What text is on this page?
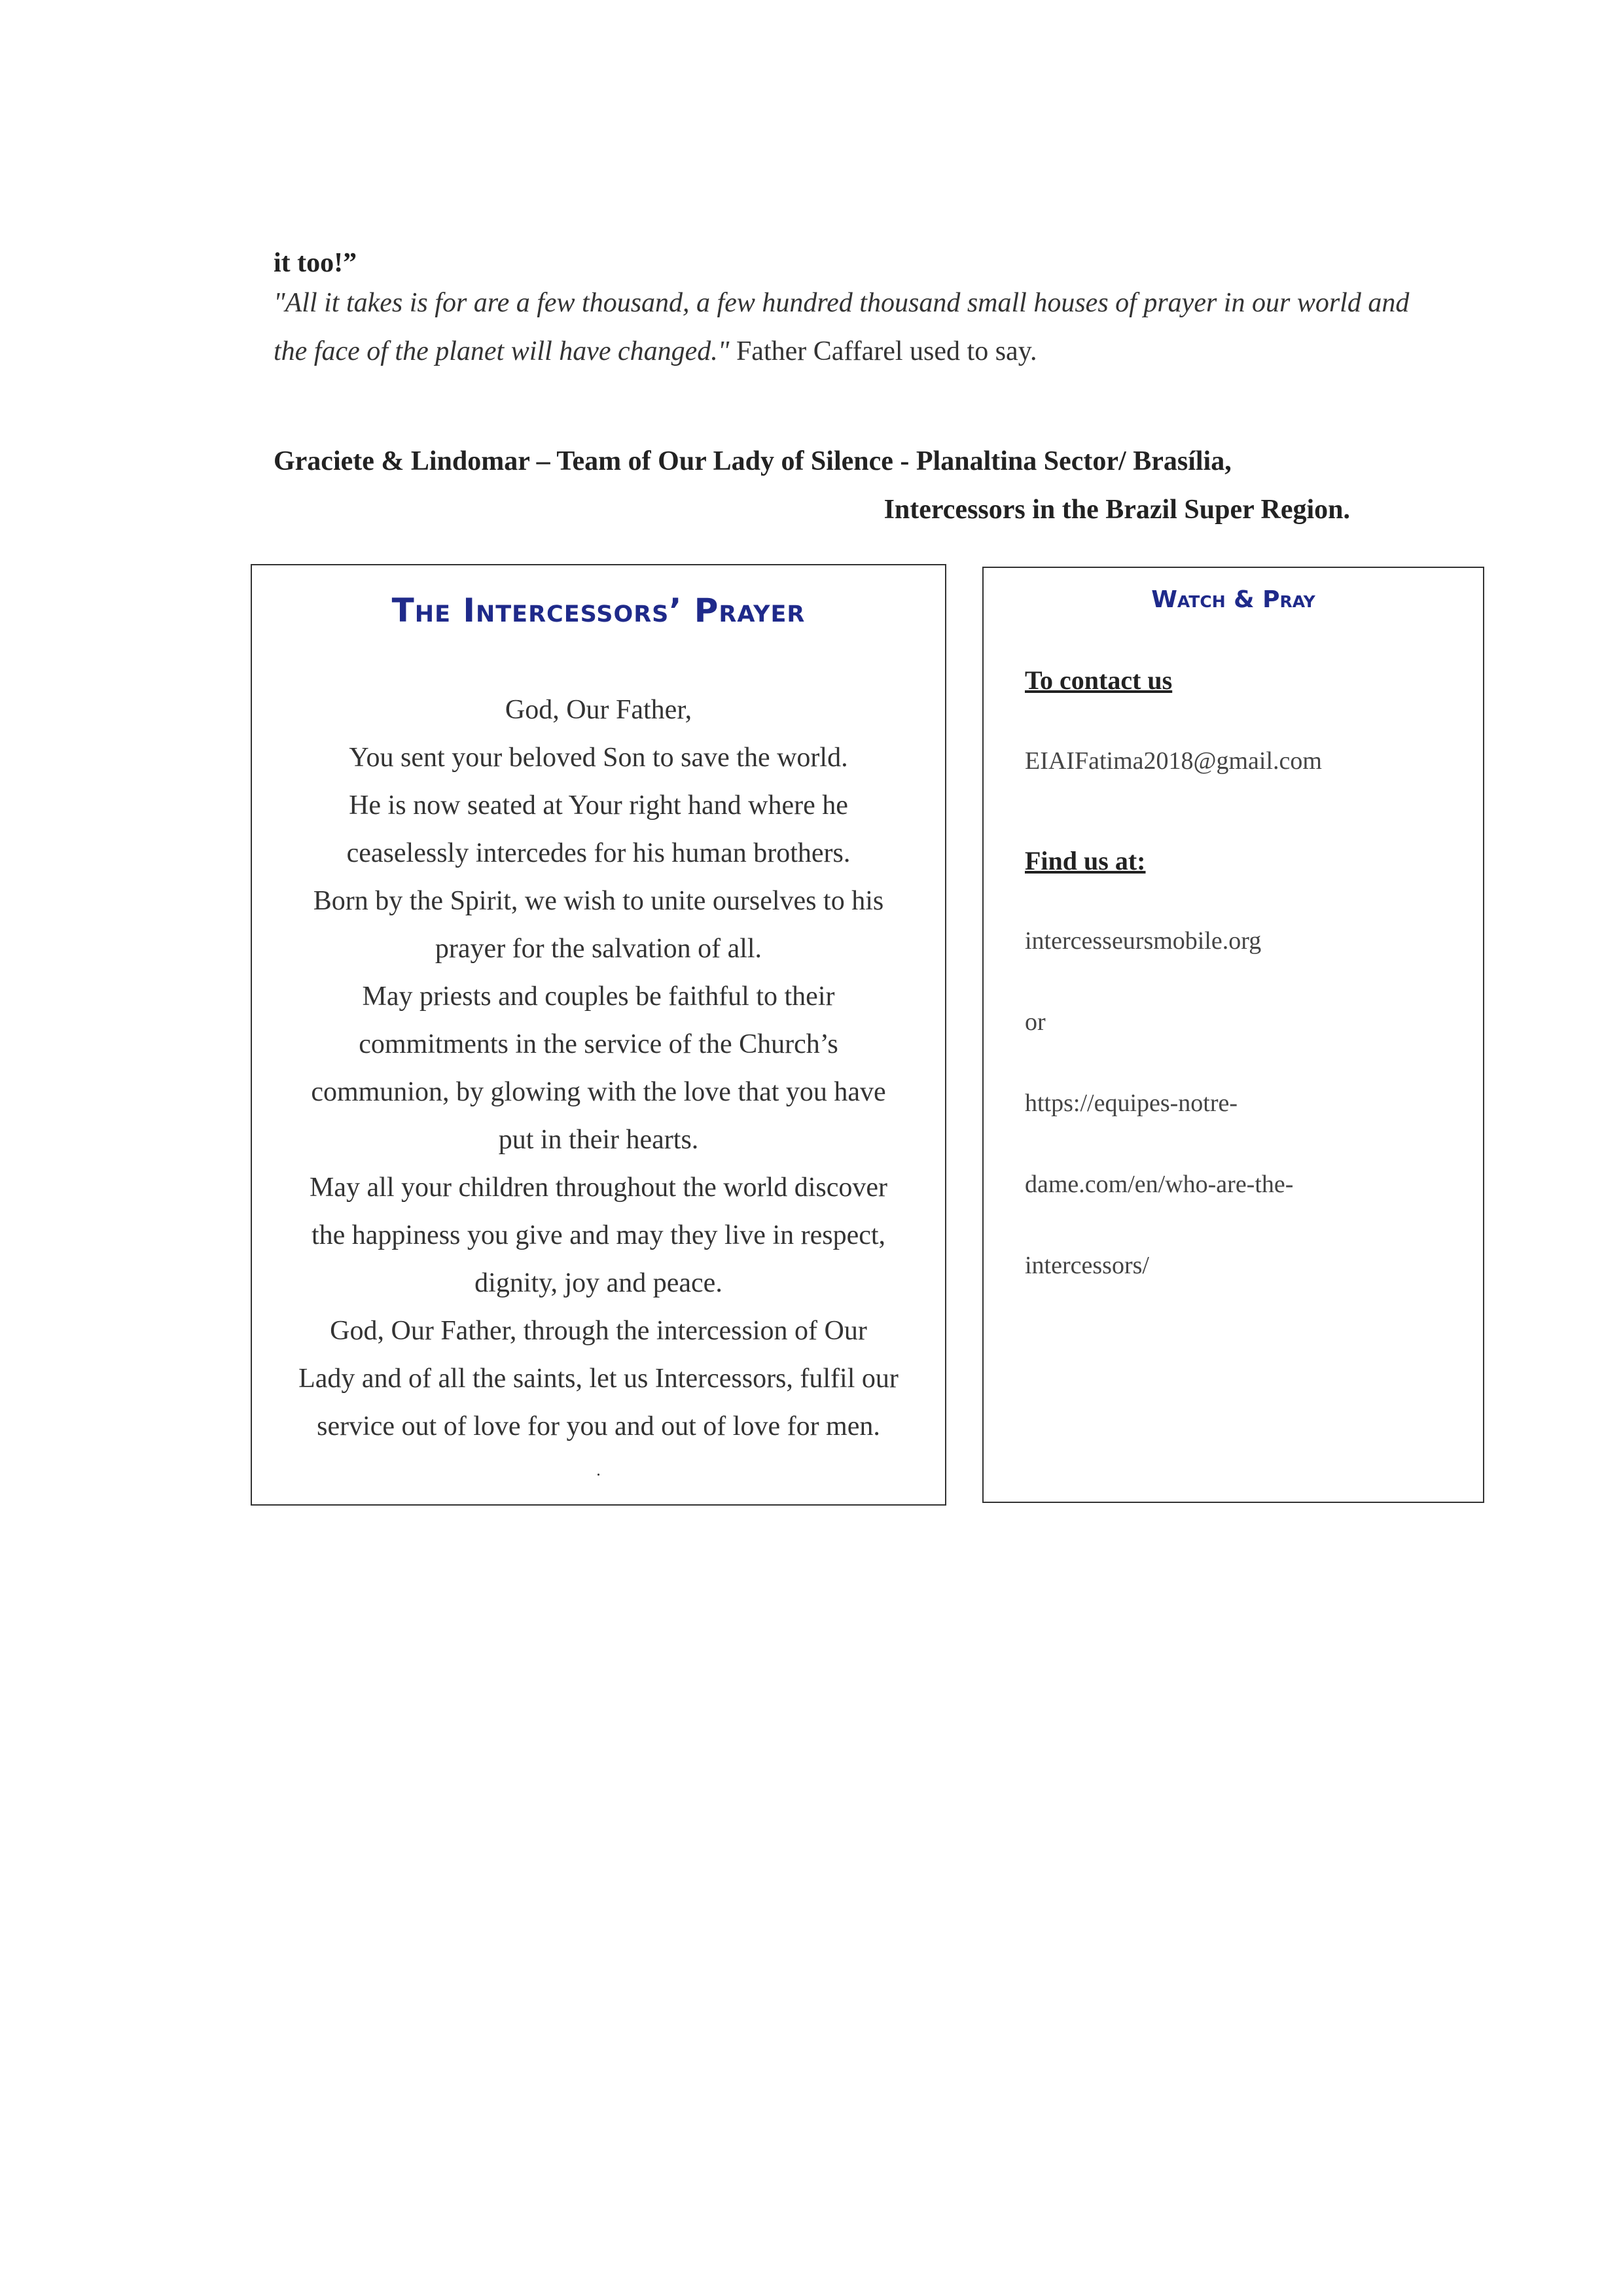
it too!”
"All it takes is for are a few thousand, a few hundred thousand small houses of prayer in our world and
the face of the planet will have changed." Father Caffarel used to say.
Graciete & Lindomar – Team of Our Lady of Silence - Planaltina Sector/ Brasília,
Intercessors in the Brazil Super Region.
The Intercessors’ Prayer
God, Our Father,
You sent your beloved Son to save the world.
He is now seated at Your right hand where he
ceaselessly intercedes for his human brothers.
Born by the Spirit, we wish to unite ourselves to his
prayer for the salvation of all.
May priests and couples be faithful to their
commitments in the service of the Church’s
communion, by glowing with the love that you have
put in their hearts.
May all your children throughout the world discover
the happiness you give and may they live in respect,
dignity, joy and peace.
God, Our Father, through the intercession of Our
Lady and of all the saints, let us Intercessors, fulfil our
service out of love for you and out of love for men.
.
Watch & Pray
To contact us
EIAIFatima2018@gmail.com
Find us at:
intercesseursmobile.org
or
https://equipes-notre-
dame.com/en/who-are-the-
intercessors/
